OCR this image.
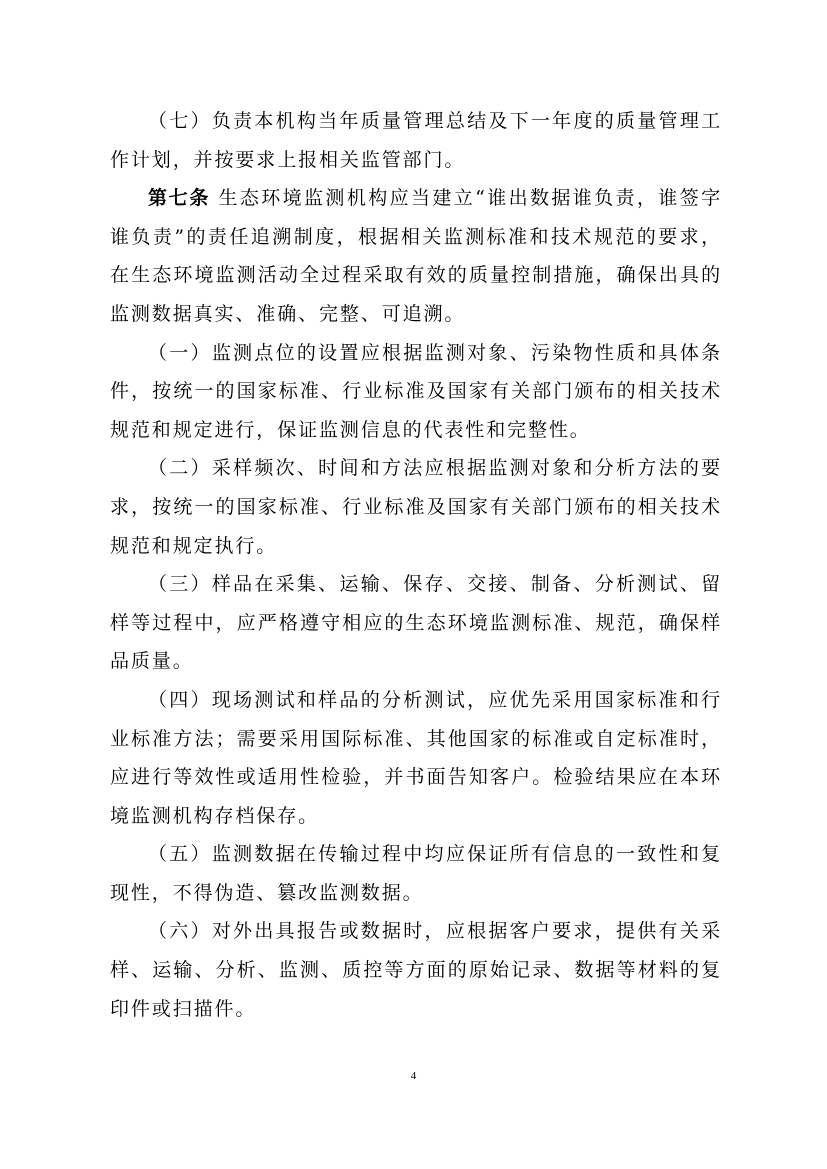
（七）负责本机构当年质量管理总结及下一年度的质量管理工作计划，并按要求上报相关监管部门。

第七条 生态环境监测机构应当建立“谁出数据谁负责，谁签字谁负责”的责任追溯制度，根据相关监测标准和技术规范的要求，在生态环境监测活动全过程采取有效的质量控制措施，确保出具的监测数据真实、准确、完整、可追溯。

（一）监测点位的设置应根据监测对象、污染物性质和具体条件，按统一的国家标准、行业标准及国家有关部门颁布的相关技术规范和规定进行，保证监测信息的代表性和完整性。

（二）采样频次、时间和方法应根据监测对象和分析方法的要求，按统一的国家标准、行业标准及国家有关部门颁布的相关技术规范和规定执行。

（三）样品在采集、运输、保存、交接、制备、分析测试、留样等过程中，应严格遵守相应的生态环境监测标准、规范，确保样品质量。

（四）现场测试和样品的分析测试，应优先采用国家标准和行业标准方法；需要采用国际标准、其他国家的标准或自定标准时，应进行等效性或适用性检验，并书面告知客户。检验结果应在本环境监测机构存档保存。

（五）监测数据在传输过程中均应保证所有信息的一致性和复现性，不得伪造、篡改监测数据。

（六）对外出具报告或数据时，应根据客户要求，提供有关采样、运输、分析、监测、质控等方面的原始记录、数据等材料的复印件或扫描件。

4
